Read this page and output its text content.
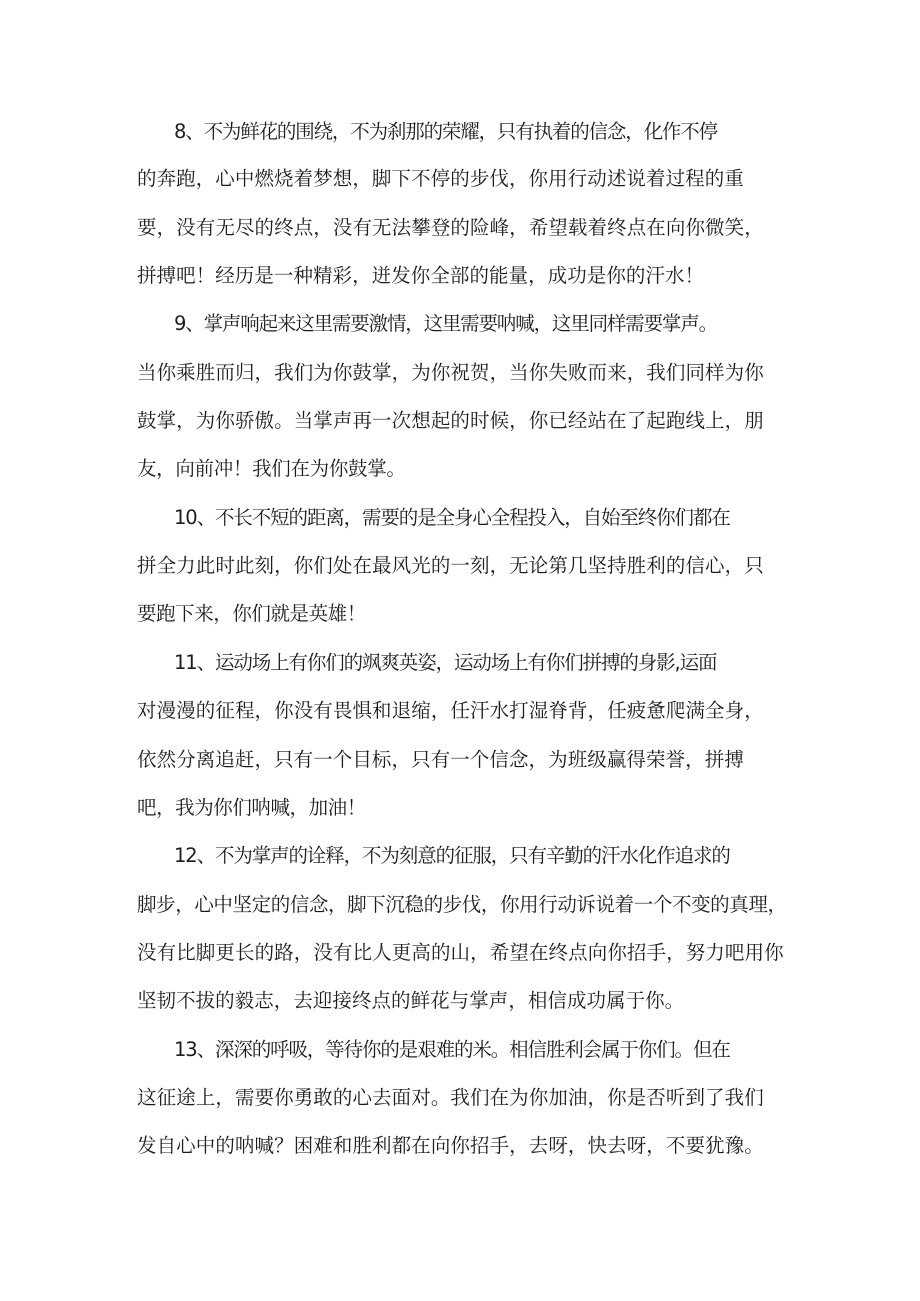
8、不为鲜花的围绕，不为刹那的荣耀，只有执着的信念，化作不停
的奔跑，心中燃烧着梦想，脚下不停的步伐，你用行动述说着过程的重
要，没有无尽的终点，没有无法攀登的险峰，希望载着终点在向你微笑，
拼搏吧！经历是一种精彩，迸发你全部的能量，成功是你的汗水！
9、掌声响起来这里需要激情，这里需要呐喊，这里同样需要掌声。
当你乘胜而归，我们为你鼓掌，为你祝贺，当你失败而来，我们同样为你
鼓掌，为你骄傲。当掌声再一次想起的时候，你已经站在了起跑线上，朋
友，向前冲！我们在为你鼓掌。
10、不长不短的距离，需要的是全身心全程投入，自始至终你们都在
拼全力此时此刻，你们处在最风光的一刻，无论第几坚持胜利的信心，只
要跑下来，你们就是英雄！
11、运动场上有你们的飒爽英姿，运动场上有你们拼搏的身影,运面
对漫漫的征程，你没有畏惧和退缩，任汗水打湿脊背，任疲惫爬满全身，
依然分离追赶，只有一个目标，只有一个信念，为班级赢得荣誉，拼搏
吧，我为你们呐喊，加油！
12、不为掌声的诠释，不为刻意的征服，只有辛勤的汗水化作追求的
脚步，心中坚定的信念，脚下沉稳的步伐，你用行动诉说着一个不变的真理，
没有比脚更长的路，没有比人更高的山，希望在终点向你招手，努力吧用你
坚韧不拔的毅志，去迎接终点的鲜花与掌声，相信成功属于你。
13、深深的呼吸，等待你的是艰难的米。相信胜利会属于你们。但在
这征途上，需要你勇敢的心去面对。我们在为你加油，你是否听到了我们
发自心中的呐喊？困难和胜利都在向你招手，去呀，快去呀，不要犹豫。
